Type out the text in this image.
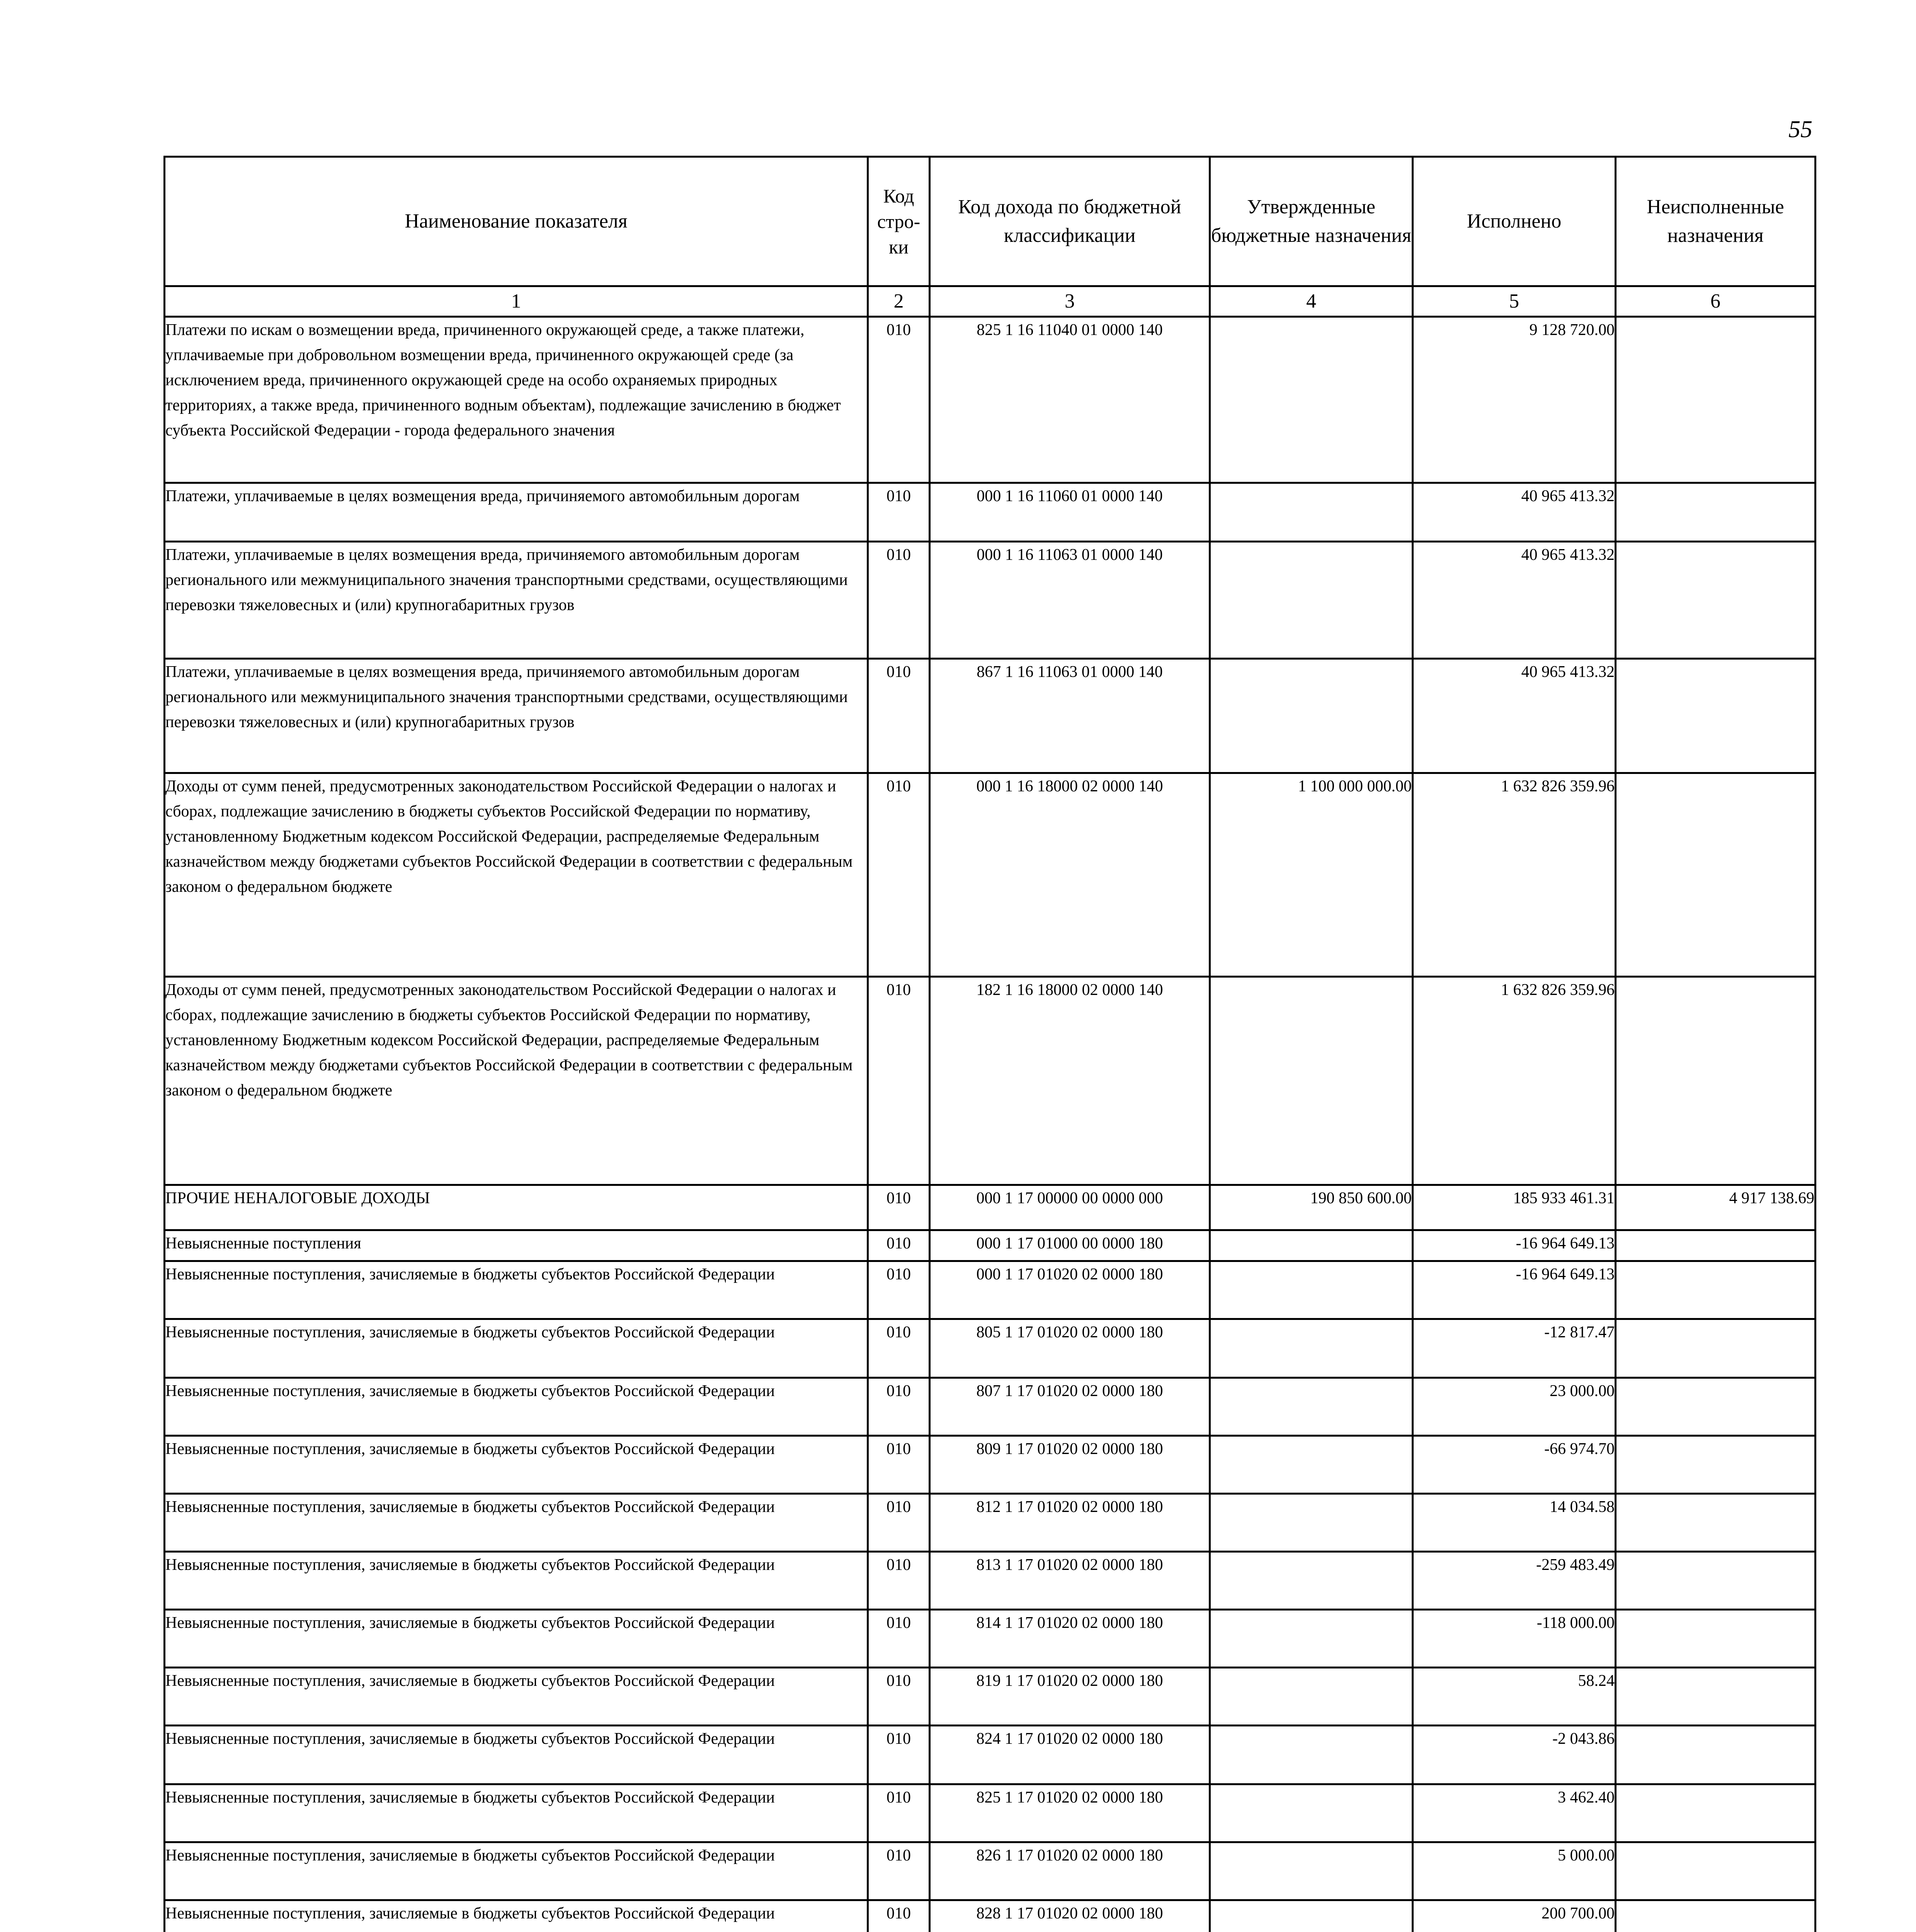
55
Наименование показателя	Код стро-ки	Код дохода по бюджетной классификации	Утвержденные бюджетные назначения	Исполнено	Неисполненные назначения
1	2	3	4	5	6
Платежи по искам о возмещении вреда, причиненного окружающей среде, а также платежи, уплачиваемые при добровольном возмещении вреда, причиненного окружающей среде (за исключением вреда, причиненного окружающей среде на особо охраняемых природных территориях, а также вреда, причиненного водным объектам), подлежащие зачислению в бюджет субъекта Российской Федерации - города федерального значения	010	825 1 16 11040 01 0000 140		9 128 720.00	
Платежи, уплачиваемые в целях возмещения вреда, причиняемого автомобильным дорогам	010	000 1 16 11060 01 0000 140		40 965 413.32	
Платежи, уплачиваемые в целях возмещения вреда, причиняемого автомобильным дорогам регионального или межмуниципального значения транспортными средствами, осуществляющими перевозки тяжеловесных и (или) крупногабаритных грузов	010	000 1 16 11063 01 0000 140		40 965 413.32	
Платежи, уплачиваемые в целях возмещения вреда, причиняемого автомобильным дорогам регионального или межмуниципального значения транспортными средствами, осуществляющими перевозки тяжеловесных и (или) крупногабаритных грузов	010	867 1 16 11063 01 0000 140		40 965 413.32	
Доходы от сумм пеней, предусмотренных законодательством Российской Федерации о налогах и сборах, подлежащие зачислению в бюджеты субъектов Российской Федерации по нормативу, установленному Бюджетным кодексом Российской Федерации, распределяемые Федеральным казначейством между бюджетами субъектов Российской Федерации в соответствии с федеральным законом о федеральном бюджете	010	000 1 16 18000 02 0000 140	1 100 000 000.00	1 632 826 359.96	
Доходы от сумм пеней, предусмотренных законодательством Российской Федерации о налогах и сборах, подлежащие зачислению в бюджеты субъектов Российской Федерации по нормативу, установленному Бюджетным кодексом Российской Федерации, распределяемые Федеральным казначейством между бюджетами субъектов Российской Федерации в соответствии с федеральным законом о федеральном бюджете	010	182 1 16 18000 02 0000 140		1 632 826 359.96	
ПРОЧИЕ НЕНАЛОГОВЫЕ ДОХОДЫ	010	000 1 17 00000 00 0000 000	190 850 600.00	185 933 461.31	4 917 138.69
Невыясненные поступления	010	000 1 17 01000 00 0000 180		-16 964 649.13	
Невыясненные поступления, зачисляемые в бюджеты субъектов Российской Федерации	010	000 1 17 01020 02 0000 180		-16 964 649.13	
Невыясненные поступления, зачисляемые в бюджеты субъектов Российской Федерации	010	805 1 17 01020 02 0000 180		-12 817.47	
Невыясненные поступления, зачисляемые в бюджеты субъектов Российской Федерации	010	807 1 17 01020 02 0000 180		23 000.00	
Невыясненные поступления, зачисляемые в бюджеты субъектов Российской Федерации	010	809 1 17 01020 02 0000 180		-66 974.70	
Невыясненные поступления, зачисляемые в бюджеты субъектов Российской Федерации	010	812 1 17 01020 02 0000 180		14 034.58	
Невыясненные поступления, зачисляемые в бюджеты субъектов Российской Федерации	010	813 1 17 01020 02 0000 180		-259 483.49	
Невыясненные поступления, зачисляемые в бюджеты субъектов Российской Федерации	010	814 1 17 01020 02 0000 180		-118 000.00	
Невыясненные поступления, зачисляемые в бюджеты субъектов Российской Федерации	010	819 1 17 01020 02 0000 180		58.24	
Невыясненные поступления, зачисляемые в бюджеты субъектов Российской Федерации	010	824 1 17 01020 02 0000 180		-2 043.86	
Невыясненные поступления, зачисляемые в бюджеты субъектов Российской Федерации	010	825 1 17 01020 02 0000 180		3 462.40	
Невыясненные поступления, зачисляемые в бюджеты субъектов Российской Федерации	010	826 1 17 01020 02 0000 180		5 000.00	
Невыясненные поступления, зачисляемые в бюджеты субъектов Российской Федерации	010	828 1 17 01020 02 0000 180		200 700.00	
